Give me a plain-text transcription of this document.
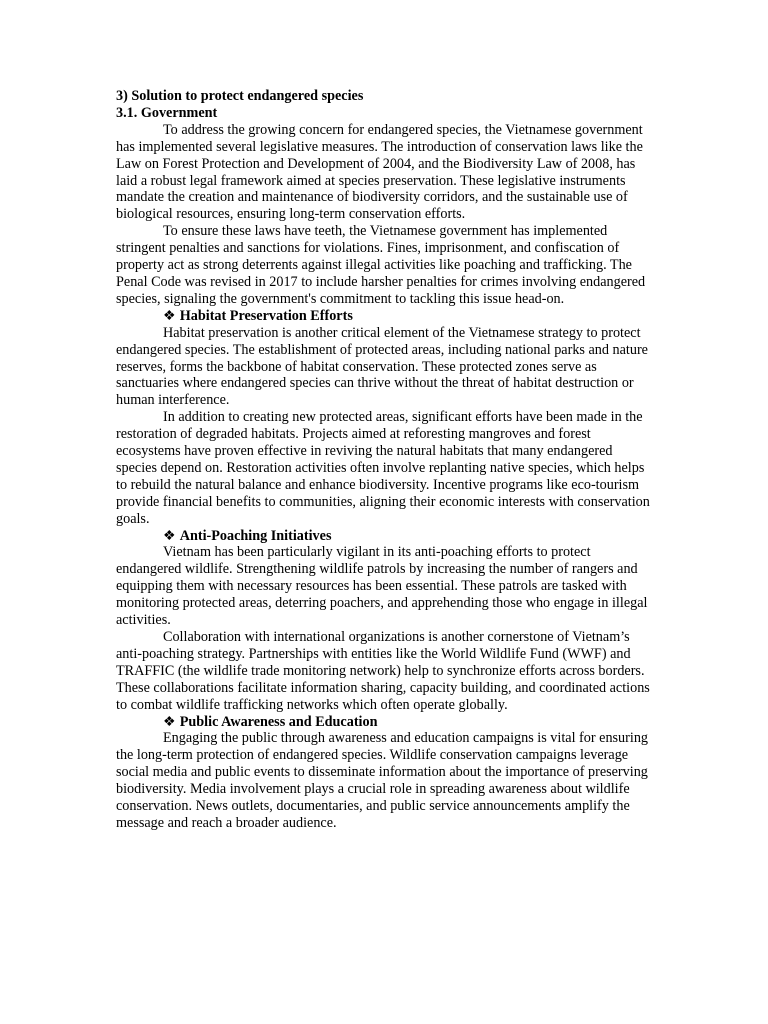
3) Solution to protect endangered species

3.1. Government

To address the growing concern for endangered species, the Vietnamese government has implemented several legislative measures. The introduction of conservation laws like the Law on Forest Protection and Development of 2004, and the Biodiversity Law of 2008, has laid a robust legal framework aimed at species preservation. These legislative instruments mandate the creation and maintenance of biodiversity corridors, and the sustainable use of biological resources, ensuring long-term conservation efforts.

To ensure these laws have teeth, the Vietnamese government has implemented stringent penalties and sanctions for violations. Fines, imprisonment, and confiscation of property act as strong deterrents against illegal activities like poaching and trafficking. The Penal Code was revised in 2017 to include harsher penalties for crimes involving endangered species, signaling the government's commitment to tackling this issue head-on.

❖ Habitat Preservation Efforts

Habitat preservation is another critical element of the Vietnamese strategy to protect endangered species. The establishment of protected areas, including national parks and nature reserves, forms the backbone of habitat conservation. These protected zones serve as sanctuaries where endangered species can thrive without the threat of habitat destruction or human interference.

In addition to creating new protected areas, significant efforts have been made in the restoration of degraded habitats. Projects aimed at reforesting mangroves and forest ecosystems have proven effective in reviving the natural habitats that many endangered species depend on. Restoration activities often involve replanting native species, which helps to rebuild the natural balance and enhance biodiversity. Incentive programs like eco-tourism provide financial benefits to communities, aligning their economic interests with conservation goals.

❖ Anti-Poaching Initiatives

Vietnam has been particularly vigilant in its anti-poaching efforts to protect endangered wildlife. Strengthening wildlife patrols by increasing the number of rangers and equipping them with necessary resources has been essential. These patrols are tasked with monitoring protected areas, deterring poachers, and apprehending those who engage in illegal activities.

Collaboration with international organizations is another cornerstone of Vietnam’s anti-poaching strategy. Partnerships with entities like the World Wildlife Fund (WWF) and TRAFFIC (the wildlife trade monitoring network) help to synchronize efforts across borders. These collaborations facilitate information sharing, capacity building, and coordinated actions to combat wildlife trafficking networks which often operate globally.

❖ Public Awareness and Education

Engaging the public through awareness and education campaigns is vital for ensuring the long-term protection of endangered species. Wildlife conservation campaigns leverage social media and public events to disseminate information about the importance of preserving biodiversity. Media involvement plays a crucial role in spreading awareness about wildlife conservation. News outlets, documentaries, and public service announcements amplify the message and reach a broader audience.
